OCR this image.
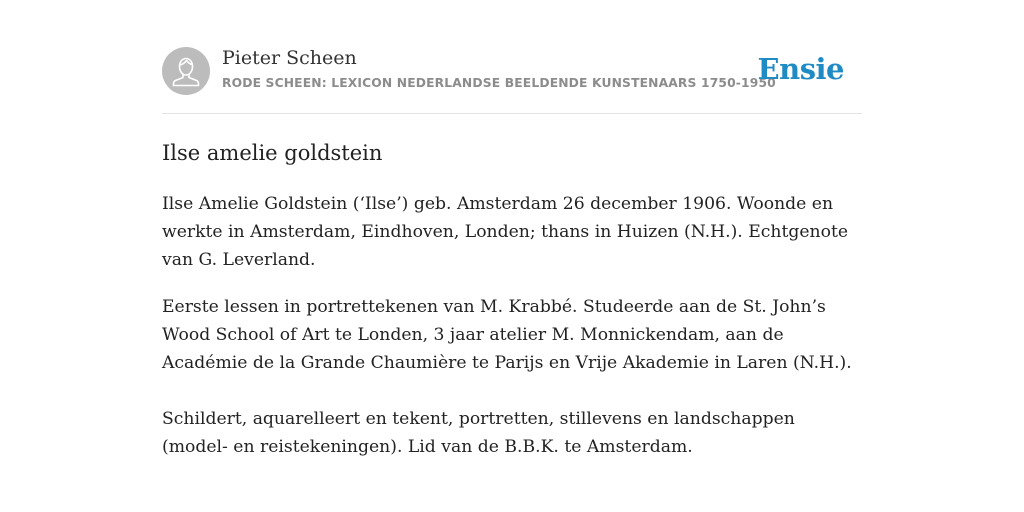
Pieter Scheen
RODE SCHEEN: LEXICON NEDERLANDSE BEELDENDE KUNSTENAARS 1750-1950
Ensie
Ilse amelie goldstein

Ilse Amelie Goldstein (‘Ilse’) geb. Amsterdam 26 december 1906. Woonde en werkte in Amsterdam, Eindhoven, Londen; thans in Huizen (N.H.). Echtgenote van G. Leverland.

Eerste lessen in portrettekenen van M. Krabbé. Studeerde aan de St. John’s Wood School of Art te Londen, 3 jaar atelier M. Monnickendam, aan de Académie de la Grande Chaumière te Parijs en Vrije Akademie in Laren (N.H.).

Schildert, aquarelleert en tekent, portretten, stillevens en landschappen (model- en reistekeningen). Lid van de B.B.K. te Amsterdam.
